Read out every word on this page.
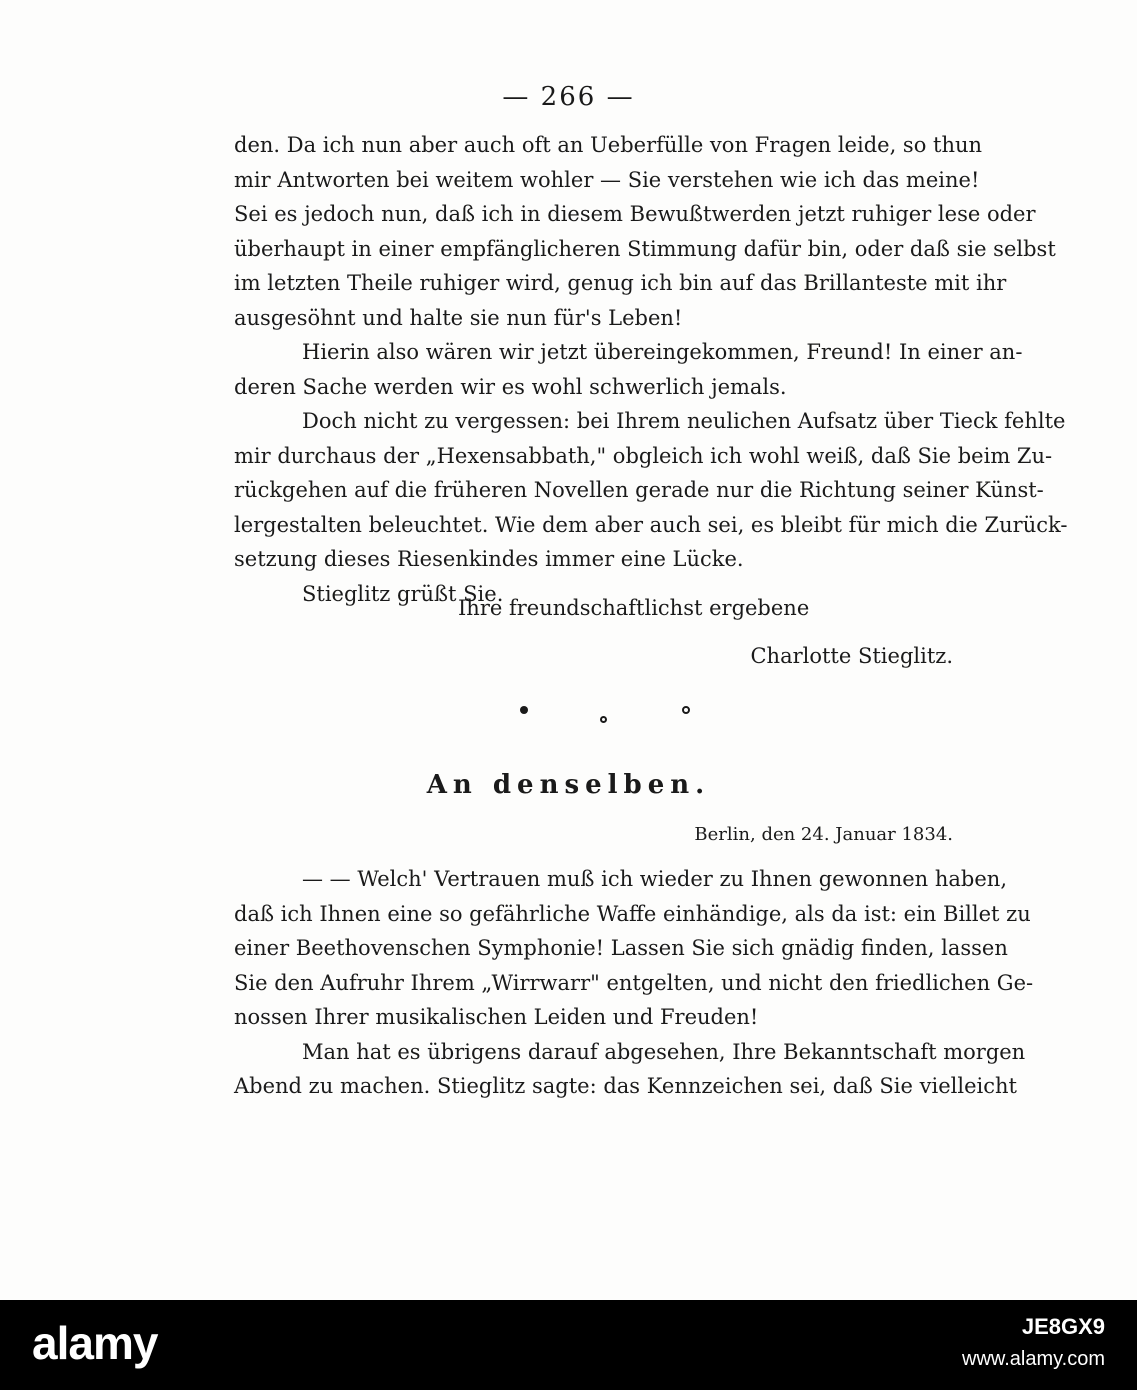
— 266 —
den. Da ich nun aber auch oft an Ueberfülle von Fragen leide, so thun
mir Antworten bei weitem wohler — Sie verstehen wie ich das meine!
Sei es jedoch nun, daß ich in diesem Bewußtwerden jetzt ruhiger lese oder
überhaupt in einer empfänglicheren Stimmung dafür bin, oder daß sie selbst
im letzten Theile ruhiger wird, genug ich bin auf das Brillanteste mit ihr
ausgesöhnt und halte sie nun für's Leben!
Hierin also wären wir jetzt übereingekommen, Freund! In einer an-
deren Sache werden wir es wohl schwerlich jemals.
Doch nicht zu vergessen: bei Ihrem neulichen Aufsatz über Tieck fehlte
mir durchaus der „Hexensabbath," obgleich ich wohl weiß, daß Sie beim Zu-
rückgehen auf die früheren Novellen gerade nur die Richtung seiner Künst-
lergestalten beleuchtet. Wie dem aber auch sei, es bleibt für mich die Zurück-
setzung dieses Riesenkindes immer eine Lücke.
Stieglitz grüßt Sie.
Ihre freundschaftlichst ergebene
Charlotte Stieglitz.
An denselben.
Berlin, den 24. Januar 1834.
— — Welch' Vertrauen muß ich wieder zu Ihnen gewonnen haben,
daß ich Ihnen eine so gefährliche Waffe einhändige, als da ist: ein Billet zu
einer Beethovenschen Symphonie! Lassen Sie sich gnädig finden, lassen
Sie den Aufruhr Ihrem „Wirrwarr" entgelten, und nicht den friedlichen Ge-
nossen Ihrer musikalischen Leiden und Freuden!
Man hat es übrigens darauf abgesehen, Ihre Bekanntschaft morgen
Abend zu machen. Stieglitz sagte: das Kennzeichen sei, daß Sie vielleicht
alamy	JE8GX9
www.alamy.com
